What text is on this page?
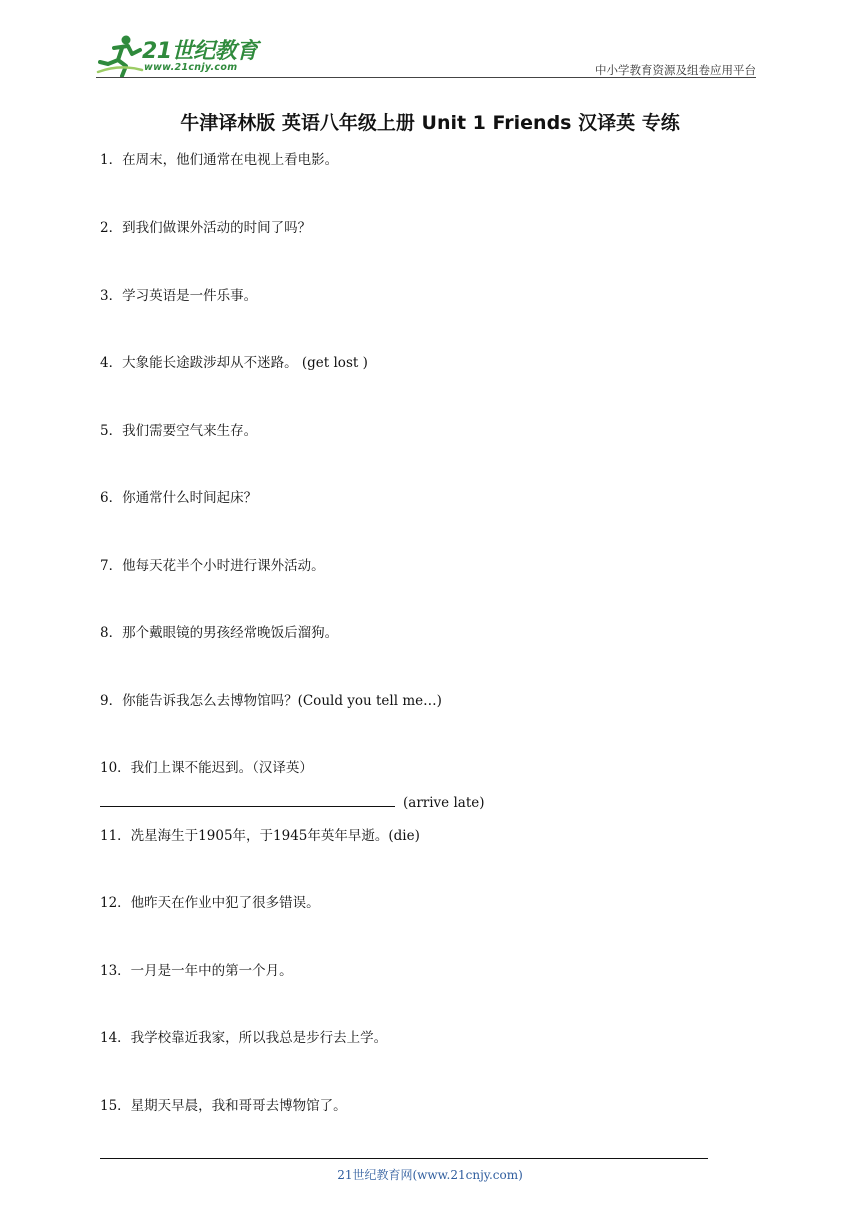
21世纪教育
www.21cnjy.com	中小学教育资源及组卷应用平台
牛津译林版 英语八年级上册 Unit 1 Friends 汉译英 专练
1．在周末，他们通常在电视上看电影。
2．到我们做课外活动的时间了吗？
3．学习英语是一件乐事。
4．大象能长途跋涉却从不迷路。 (get lost )
5．我们需要空气来生存。
6．你通常什么时间起床？
7．他每天花半个小时进行课外活动。
8．那个戴眼镜的男孩经常晚饭后溜狗。
9．你能告诉我怎么去博物馆吗？(Could you tell me…)
10．我们上课不能迟到。（汉译英）
(arrive late)
11．冼星海生于1905年，于1945年英年早逝。(die)
12．他昨天在作业中犯了很多错误。
13．一月是一年中的第一个月。
14．我学校靠近我家，所以我总是步行去上学。
15．星期天早晨，我和哥哥去博物馆了。
21世纪教育网(www.21cnjy.com)
